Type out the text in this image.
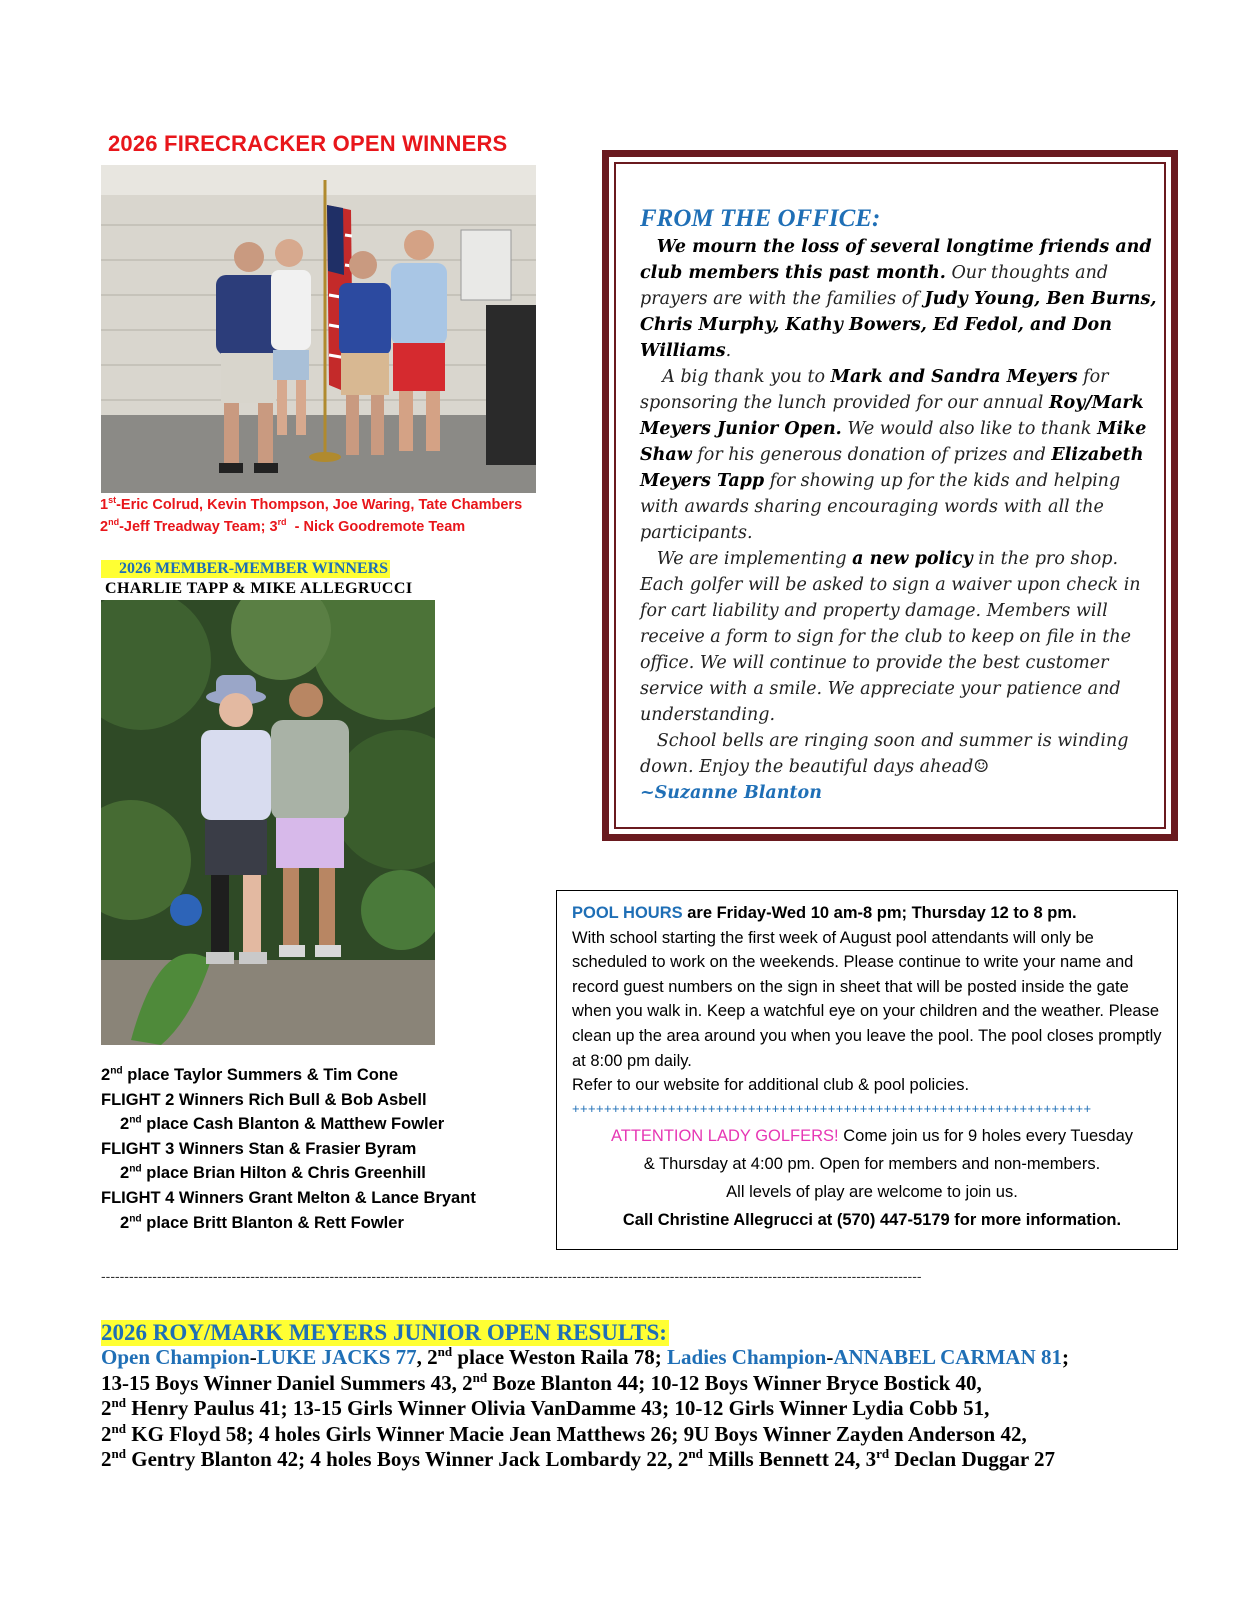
2026 FIRECRACKER OPEN WINNERS
1st-Eric Colrud, Kevin Thompson, Joe Waring, Tate Chambers
2nd-Jeff Treadway Team; 3rd  - Nick Goodremote Team
2026 MEMBER-MEMBER WINNERS
CHARLIE TAPP & MIKE ALLEGRUCCI
2nd place Taylor Summers & Tim Cone
FLIGHT 2 Winners Rich Bull & Bob Asbell
2nd place Cash Blanton & Matthew Fowler
FLIGHT 3 Winners Stan & Frasier Byram
2nd place Brian Hilton & Chris Greenhill
FLIGHT 4 Winners Grant Melton & Lance Bryant
2nd place Britt Blanton & Rett Fowler
FROM THE OFFICE:
We mourn the loss of several longtime friends and club members this past month. Our thoughts and prayers are with the families of Judy Young, Ben Burns, Chris Murphy, Kathy Bowers, Ed Fedol, and Don Williams.
A big thank you to Mark and Sandra Meyers for sponsoring the lunch provided for our annual Roy/Mark Meyers Junior Open. We would also like to thank Mike Shaw for his generous donation of prizes and Elizabeth Meyers Tapp for showing up for the kids and helping with awards sharing encouraging words with all the participants.
We are implementing a new policy in the pro shop. Each golfer will be asked to sign a waiver upon check in for cart liability and property damage. Members will receive a form to sign for the club to keep on file in the office. We will continue to provide the best customer service with a smile. We appreciate your patience and understanding.
School bells are ringing soon and summer is winding down. Enjoy the beautiful days ahead☺
~Suzanne Blanton
POOL HOURS are Friday-Wed 10 am-8 pm; Thursday 12 to 8 pm.
With school starting the first week of August pool attendants will only be scheduled to work on the weekends. Please continue to write your name and record guest numbers on the sign in sheet that will be posted inside the gate when you walk in. Keep a watchful eye on your children and the weather. Please clean up the area around you when you leave the pool. The pool closes promptly at 8:00 pm daily.
Refer to our website for additional club & pool policies.
+++++++++++++++++++++++++++++++++++++++++++++++++++++++++++++++++
ATTENTION LADY GOLFERS! Come join us for 9 holes every Tuesday
& Thursday at 4:00 pm. Open for members and non-members.
All levels of play are welcome to join us.
Call Christine Allegrucci at (570) 447-5179 for more information.
--------------------------------------------------------------------------------------------------------------------------------------------------------------------------------
2026 ROY/MARK MEYERS JUNIOR OPEN RESULTS:
Open Champion-LUKE JACKS 77, 2nd place Weston Raila 78; Ladies Champion-ANNABEL CARMAN 81;
13-15 Boys Winner Daniel Summers 43, 2nd Boze Blanton 44; 10-12 Boys Winner Bryce Bostick 40,
2nd Henry Paulus 41; 13-15 Girls Winner Olivia VanDamme 43; 10-12 Girls Winner Lydia Cobb 51,
2nd KG Floyd 58; 4 holes Girls Winner Macie Jean Matthews 26; 9U Boys Winner Zayden Anderson 42,
2nd Gentry Blanton 42; 4 holes Boys Winner Jack Lombardy 22, 2nd Mills Bennett 24, 3rd Declan Duggar 27
